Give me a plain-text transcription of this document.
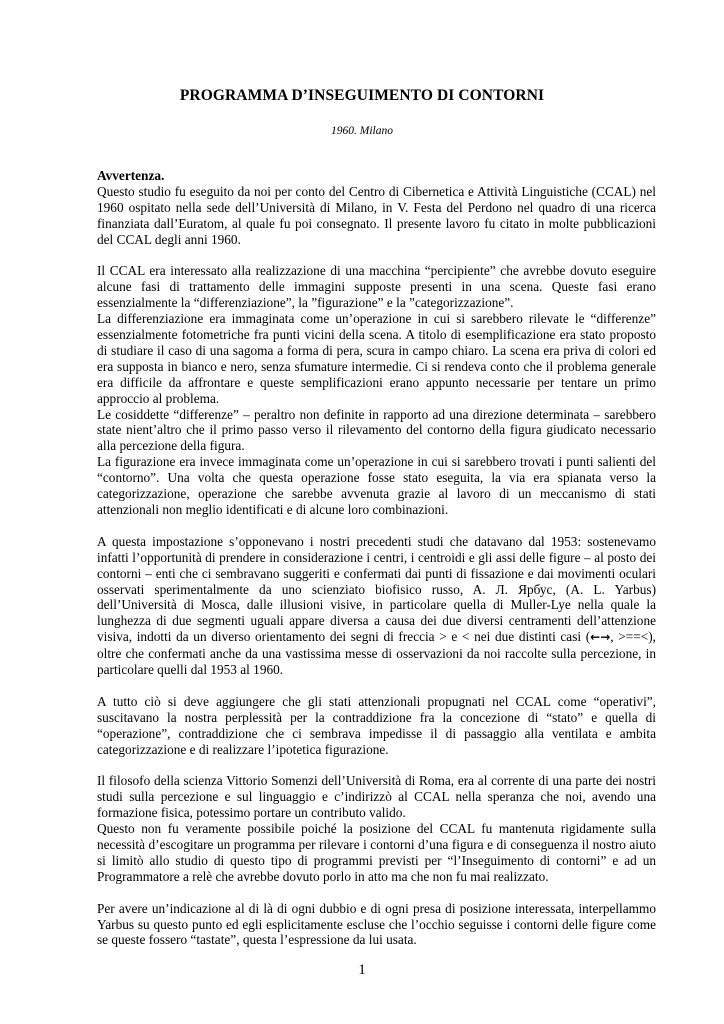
PROGRAMMA D’INSEGUIMENTO DI CONTORNI

1960. Milano

Avvertenza.

Questo studio fu eseguito da noi per conto del Centro di Cibernetica e Attività Linguistiche (CCAL) nel 1960 ospitato nella sede dell’Università di Milano, in V. Festa del Perdono nel quadro di una ricerca finanziata dall’Euratom, al quale fu poi consegnato. Il presente lavoro fu citato in molte pubblicazioni del CCAL degli anni 1960.

Il CCAL era interessato alla realizzazione di una macchina “percipiente” che avrebbe dovuto eseguire alcune fasi di trattamento delle immagini supposte presenti in una scena. Queste fasi erano essenzialmente la “differenziazione”, la ”figurazione” e la ”categorizzazione”.

La differenziazione era immaginata come un’operazione in cui si sarebbero rilevate le “differenze” essenzialmente fotometriche fra punti vicini della scena. A titolo di esemplificazione era stato proposto di studiare il caso di una sagoma a forma di pera, scura in campo chiaro. La scena era priva di colori ed era supposta in bianco e nero, senza sfumature intermedie. Ci si rendeva conto che il problema generale era difficile da affrontare e queste semplificazioni erano appunto necessarie per tentare un primo approccio al problema.

Le cosiddette “differenze” – peraltro non definite in rapporto ad una direzione determinata – sarebbero state nient’altro che il primo passo verso il rilevamento del contorno della figura giudicato necessario alla percezione della figura.

La figurazione era invece immaginata come un’operazione in cui si sarebbero trovati i punti salienti del “contorno”. Una volta che questa operazione fosse stato eseguita, la via era spianata verso la categorizzazione, operazione che sarebbe avvenuta grazie al lavoro di un meccanismo di stati attenzionali non meglio identificati e di alcune loro combinazioni.

A questa impostazione s’opponevano i nostri precedenti studi che datavano dal 1953: sostenevamo infatti l’opportunità di prendere in considerazione i centri, i centroidi e gli assi delle figure – al posto dei contorni – enti che ci sembravano suggeriti e confermati dai punti di fissazione e dai movimenti oculari osservati sperimentalmente da uno scienziato biofisico russo, A. Л. Ярбус, (A. L. Yarbus) dell’Università di Mosca, dalle illusioni visive, in particolare quella di Muller-Lye nella quale la lunghezza di due segmenti uguali appare diversa a causa dei due diversi centramenti dell’attenzione visiva, indotti da un diverso orientamento dei segni di freccia > e < nei due distinti casi (←→, >==<), oltre che confermati anche da una vastissima messe di osservazioni da noi raccolte sulla percezione, in particolare quelli dal 1953 al 1960.

A tutto ciò si deve aggiungere che gli stati attenzionali propugnati nel CCAL come “operativi”, suscitavano la nostra perplessità per la contraddizione fra la concezione di “stato” e quella di “operazione”, contraddizione che ci sembrava impedisse il di passaggio alla ventilata e ambita categorizzazione e di realizzare l’ipotetica figurazione.

Il filosofo della scienza Vittorio Somenzi dell’Università di Roma, era al corrente di una parte dei nostri studi sulla percezione e sul linguaggio e c’indirizzò al CCAL nella speranza che noi, avendo una formazione fisica, potessimo portare un contributo valido.

Questo non fu veramente possibile poiché la posizione del CCAL fu mantenuta rigidamente sulla necessità d’escogitare un programma per rilevare i contorni d’una figura e di conseguenza il nostro aiuto si limitò allo studio di questo tipo di programmi previsti per “l’Inseguimento di contorni” e ad un Programmatore a relè che avrebbe dovuto porlo in atto ma che non fu mai realizzato.

Per avere un’indicazione al di là di ogni dubbio e di ogni presa di posizione interessata, interpellammo Yarbus su questo punto ed egli esplicitamente escluse che l’occhio seguisse i contorni delle figure come se queste fossero “tastate”, questa l’espressione da lui usata.

1
